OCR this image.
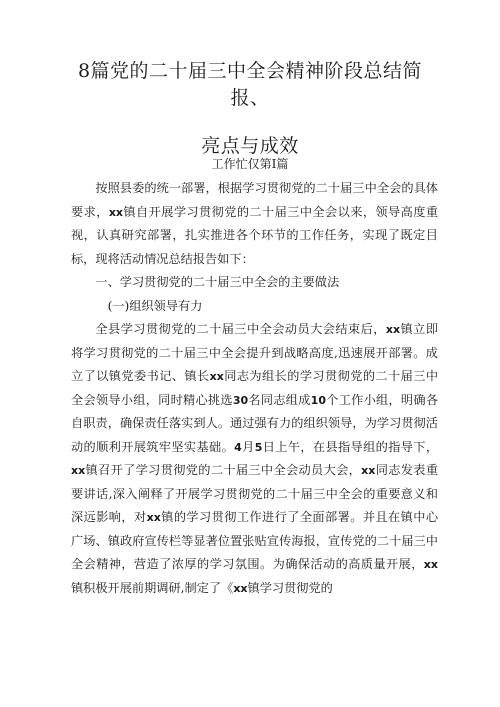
8篇党的二十届三中全会精神阶段总结简
报、
亮点与成效
工作忙仅第Ⅰ篇

按照县委的统一部署，根据学习贯彻党的二十届三中全会的具体要求，xx镇自开展学习贯彻党的二十届三中全会以来，领导高度重视，认真研究部署，扎实推进各个环节的工作任务，实现了既定目标，现将活动情况总结报告如下：

一、学习贯彻党的二十届三中全会的主要做法

(一)组织领导有力

全县学习贯彻党的二十届三中全会动员大会结束后，xx镇立即将学习贯彻党的二十届三中全会提升到战略高度,迅速展开部署。成立了以镇党委书记、镇长xx同志为组长的学习贯彻党的二十届三中全会领导小组，同时精心挑选30名同志组成10个工作小组，明确各自职责，确保责任落实到人。通过强有力的组织领导，为学习贯彻活动的顺利开展筑牢坚实基础。4月5日上午，在县指导组的指导下，xx镇召开了学习贯彻党的二十届三中全会动员大会，xx同志发表重要讲话,深入阐释了开展学习贯彻党的二十届三中全会的重要意义和深远影响，对xx镇的学习贯彻工作进行了全面部署。并且在镇中心广场、镇政府宣传栏等显著位置张贴宣传海报，宣传党的二十届三中全会精神，营造了浓厚的学习氛围。为确保活动的高质量开展，xx镇积极开展前期调研,制定了《xx镇学习贯彻党的
